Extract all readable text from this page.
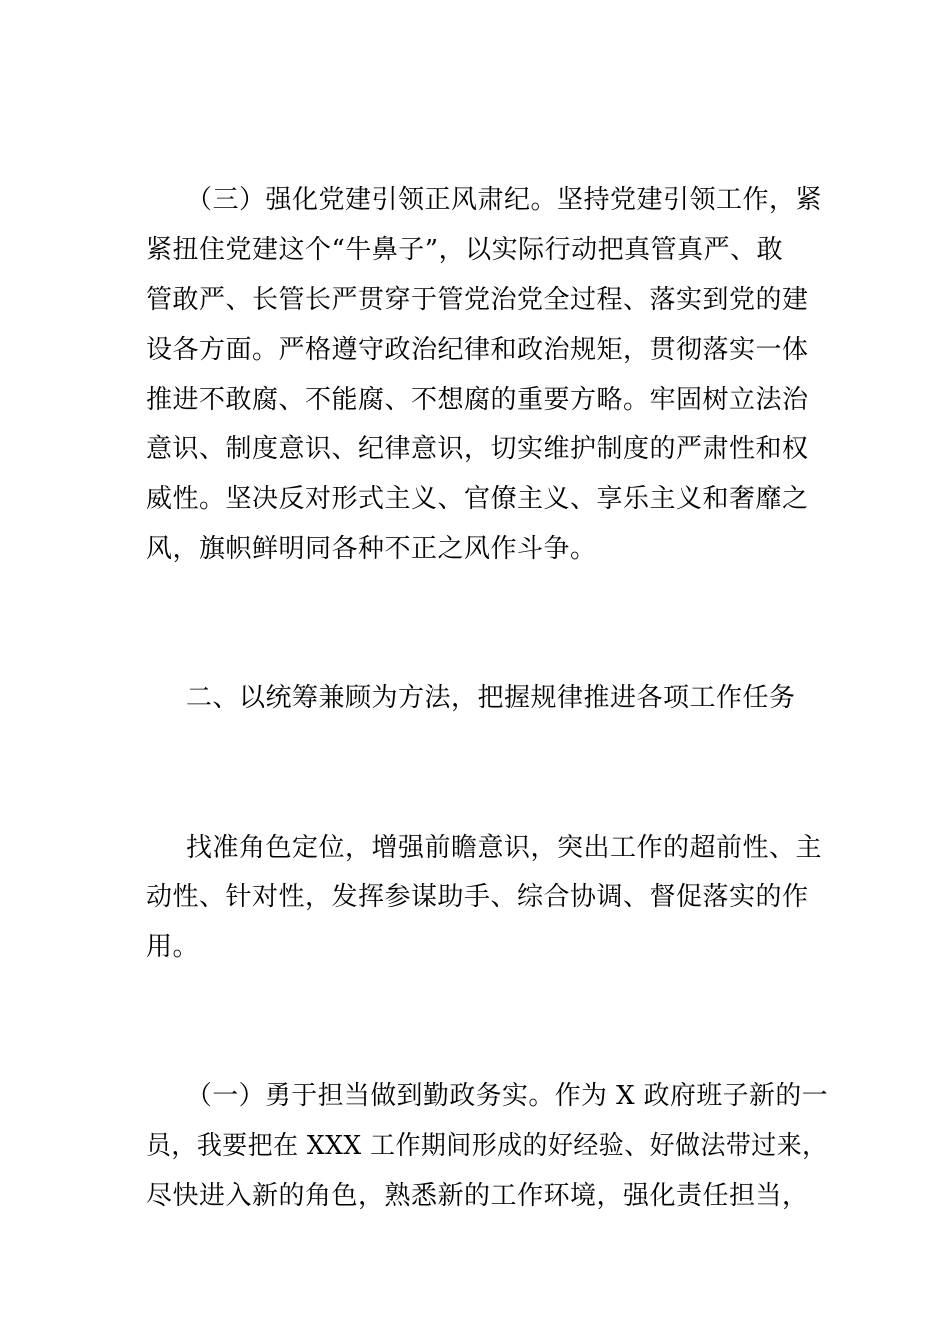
（三）强化党建引领正风肃纪。坚持党建引领工作，紧
紧扭住党建这个“牛鼻子”，以实际行动把真管真严、敢
管敢严、长管长严贯穿于管党治党全过程、落实到党的建
设各方面。严格遵守政治纪律和政治规矩，贯彻落实一体
推进不敢腐、不能腐、不想腐的重要方略。牢固树立法治
意识、制度意识、纪律意识，切实维护制度的严肃性和权
威性。坚决反对形式主义、官僚主义、享乐主义和奢靡之
风，旗帜鲜明同各种不正之风作斗争。
二、以统筹兼顾为方法，把握规律推进各项工作任务
找准角色定位，增强前瞻意识，突出工作的超前性、主
动性、针对性，发挥参谋助手、综合协调、督促落实的作
用。
（一）勇于担当做到勤政务实。作为 X 政府班子新的一
员，我要把在 XXX 工作期间形成的好经验、好做法带过来，
尽快进入新的角色，熟悉新的工作环境，强化责任担当，
